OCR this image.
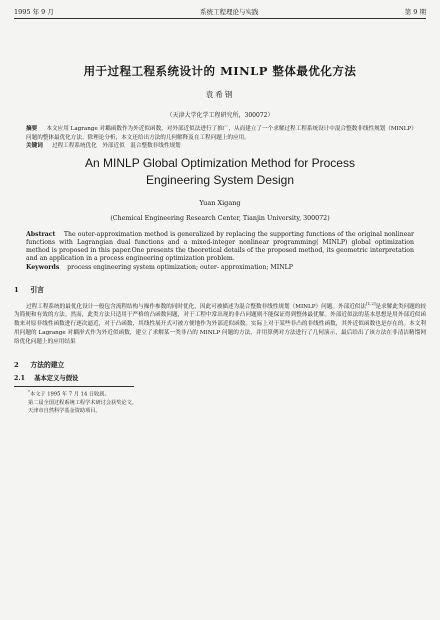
1995 年 9 月	系统工程理论与实践	第 9 期
用于过程工程系统设计的 MINLP 整体最优化方法
袁希钢
（天津大学化学工程研究所，300072）
摘要 　 本文应用 Lagrange 对耦函数作为外近似函数，对外部近似法进行了推广，从而建立了一个求解过程工程系统设计中混合整数非线性规划（MINLP）问题的整体最优化方法。除理论分析，本文还给出方法的几何解释及在工程问题上的应用。
关键词 　 过程工程系统优化　外部近似　混合整数非线性规划
An MINLP Global Optimization Method for Process
Engineering System Design
Yuan Xigang
(Chemical Engineering Research Center, Tianjin University, 300072)
Abstract The outer-approximation method is generalized by replacing the supporting functions of the original nonlinear functions with Lagrangian dual functions and a mixed-integer nonlinear programming( MINLP) global optimization method is proposed in this paper.One presents the theoretical details of the proposed method, its geometric interpretation and an application in a process engineering optimization problem.
Keywords process engineering system optimization; outer- approximation; MINLP
1 引言
过程工程系统的最优化设计一般包含流程结构与操作参数的同时优化，因此可被描述为混合整数非线性规划（MINLP）问题。外部近似法[1,2]是求解此类问题的较为简便和有效的方法。然而，此类方法只适用于严格的凸函数问题，对于工程中常出现的非凸问题则不能保证得到整体最优解。外部近似法的基本思想是用外部近似函数来对原非线性函数进行逐次逼近，对于凸函数，其线性展开式可被方便地作为外部近似函数。实际上对于某些非凸的非线性函数，其外近似函数也是存在的。本文利用问题的 Lagrange 对耦形式作为外近似函数，建立了求解某一类非凸的 MINLP 问题的方法，并用算例对方法进行了几何演示，最后给出了该方法在非清洁精馏网络优化问题上的应用结果
2 方法的建立
2.1 基本定义与假设
*本文于 1995 年 7 月 14 日收到。
第二届全国过程系统工程学术研讨会获奖论文。
天津市自然科学基金资助项目。
